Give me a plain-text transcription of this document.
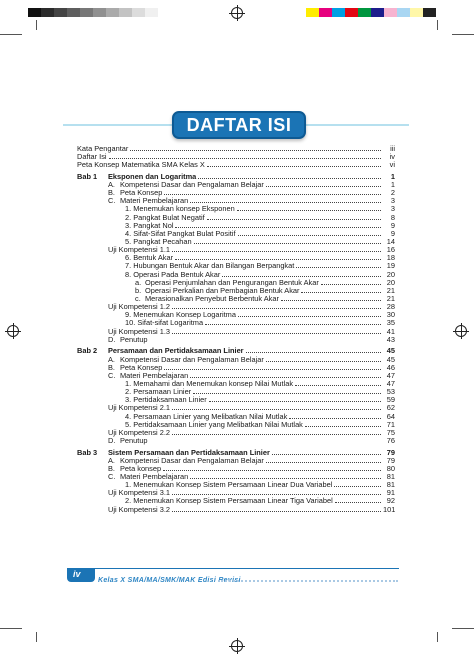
DAFTAR ISI
Kata Pengantar	iii
Daftar Isi	iv
Peta Konsep Matematika SMA Kelas X	vi
Bab 1	Eksponen dan Logaritma	1
A. Kompetensi Dasar dan Pengalaman Belajar	1
B. Peta Konsep	2
C. Materi Pembelajaran	3
1. Menemukan konsep Eksponen	3
2. Pangkat Bulat Negatif	8
3. Pangkat Nol	9
4. Sifat-Sifat Pangkat Bulat Positif	9
5. Pangkat Pecahan	14
Uji Kompetensi 1.1	16
6. Bentuk Akar	18
7. Hubungan Bentuk Akar dan Bilangan Berpangkat	19
8. Operasi Pada Bentuk Akar	20
a. Operasi Penjumlahan dan Pengurangan Bentuk Akar	20
b. Operasi Perkalian dan Pembagian Bentuk Akar	21
c. Merasionalkan Penyebut Berbentuk Akar	21
Uji Kompetensi 1.2	28
9. Menemukan Konsep Logaritma	30
10. Sifat-sifat Logaritma	35
Uji Kompetensi 1.3	41
D. Penutup	43
Bab 2	Persamaan dan Pertidaksamaan Linier	45
A. Kompetensi Dasar dan Pengalaman Belajar	45
B. Peta Konsep	46
C. Materi Pembelajaran	47
1. Memahami dan Menemukan konsep Nilai Mutlak	47
2. Persamaan Linier	53
3. Pertidaksamaan Linier	59
Uji Kompetensi 2.1	62
4. Persamaan Linier yang Melibatkan Nilai Mutlak	64
5. Pertidaksamaan Linier yang Melibatkan Nilai Mutlak	71
Uji Kompetensi 2.2	75
D. Penutup	76
Bab 3	Sistem Persamaan dan Pertidaksamaan Linier	79
A. Kompetensi Dasar dan Pengalaman Belajar	79
B. Peta konsep	80
C. Materi Pembelajaran	81
1. Menemukan Konsep Sistem Persamaan Linear Dua Variabel	81
Uji Kompetensi 3.1	91
2. Menemukan Konsep Sistem Persamaan Linear Tiga Variabel	92
Uji Kompetensi 3.2	101
iv
Kelas X SMA/MA/SMK/MAK Edisi Revisi
